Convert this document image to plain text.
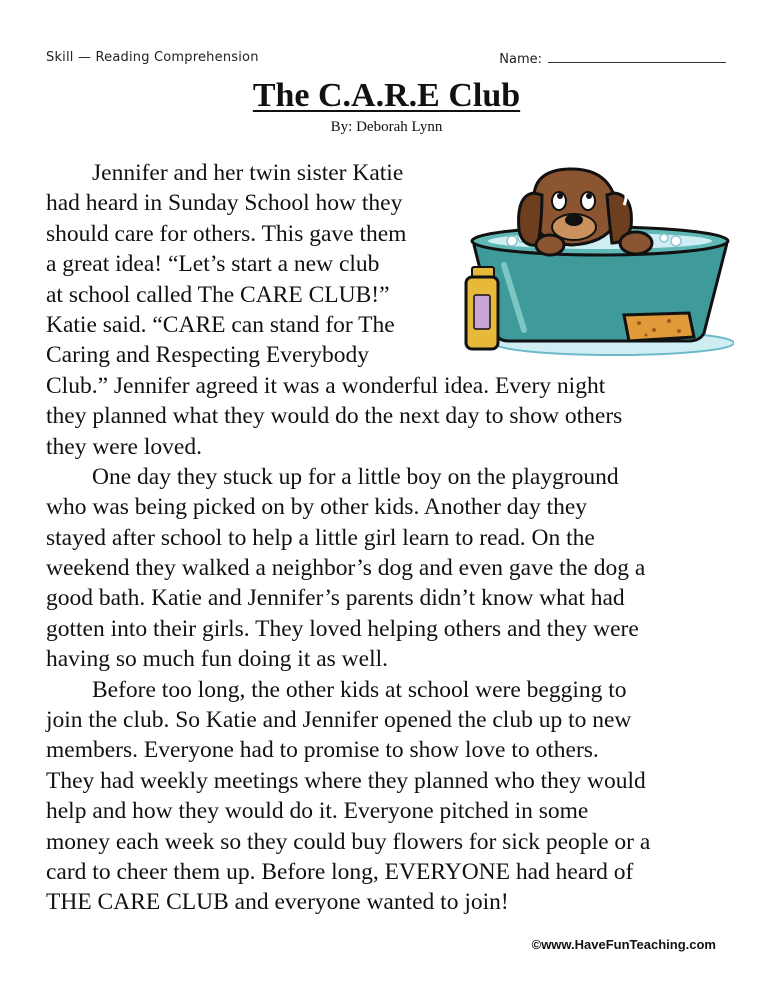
Skill — Reading Comprehension	Name:
The C.A.R.E Club
By: Deborah Lynn
Jennifer and her twin sister Katie
had heard in Sunday School how they
should care for others. This gave them
a great idea! “Let’s start a new club
at school called The CARE CLUB!”
Katie said. “CARE can stand for The
Caring and Respecting Everybody
Club.” Jennifer agreed it was a wonderful idea. Every night
they planned what they would do the next day to show others
they were loved.
One day they stuck up for a little boy on the playground
who was being picked on by other kids. Another day they
stayed after school to help a little girl learn to read. On the
weekend they walked a neighbor’s dog and even gave the dog a
good bath. Katie and Jennifer’s parents didn’t know what had
gotten into their girls. They loved helping others and they were
having so much fun doing it as well.
Before too long, the other kids at school were begging to
join the club. So Katie and Jennifer opened the club up to new
members. Everyone had to promise to show love to others.
They had weekly meetings where they planned who they would
help and how they would do it. Everyone pitched in some
money each week so they could buy flowers for sick people or a
card to cheer them up. Before long, EVERYONE had heard of
THE CARE CLUB and everyone wanted to join!
©www.HaveFunTeaching.com
